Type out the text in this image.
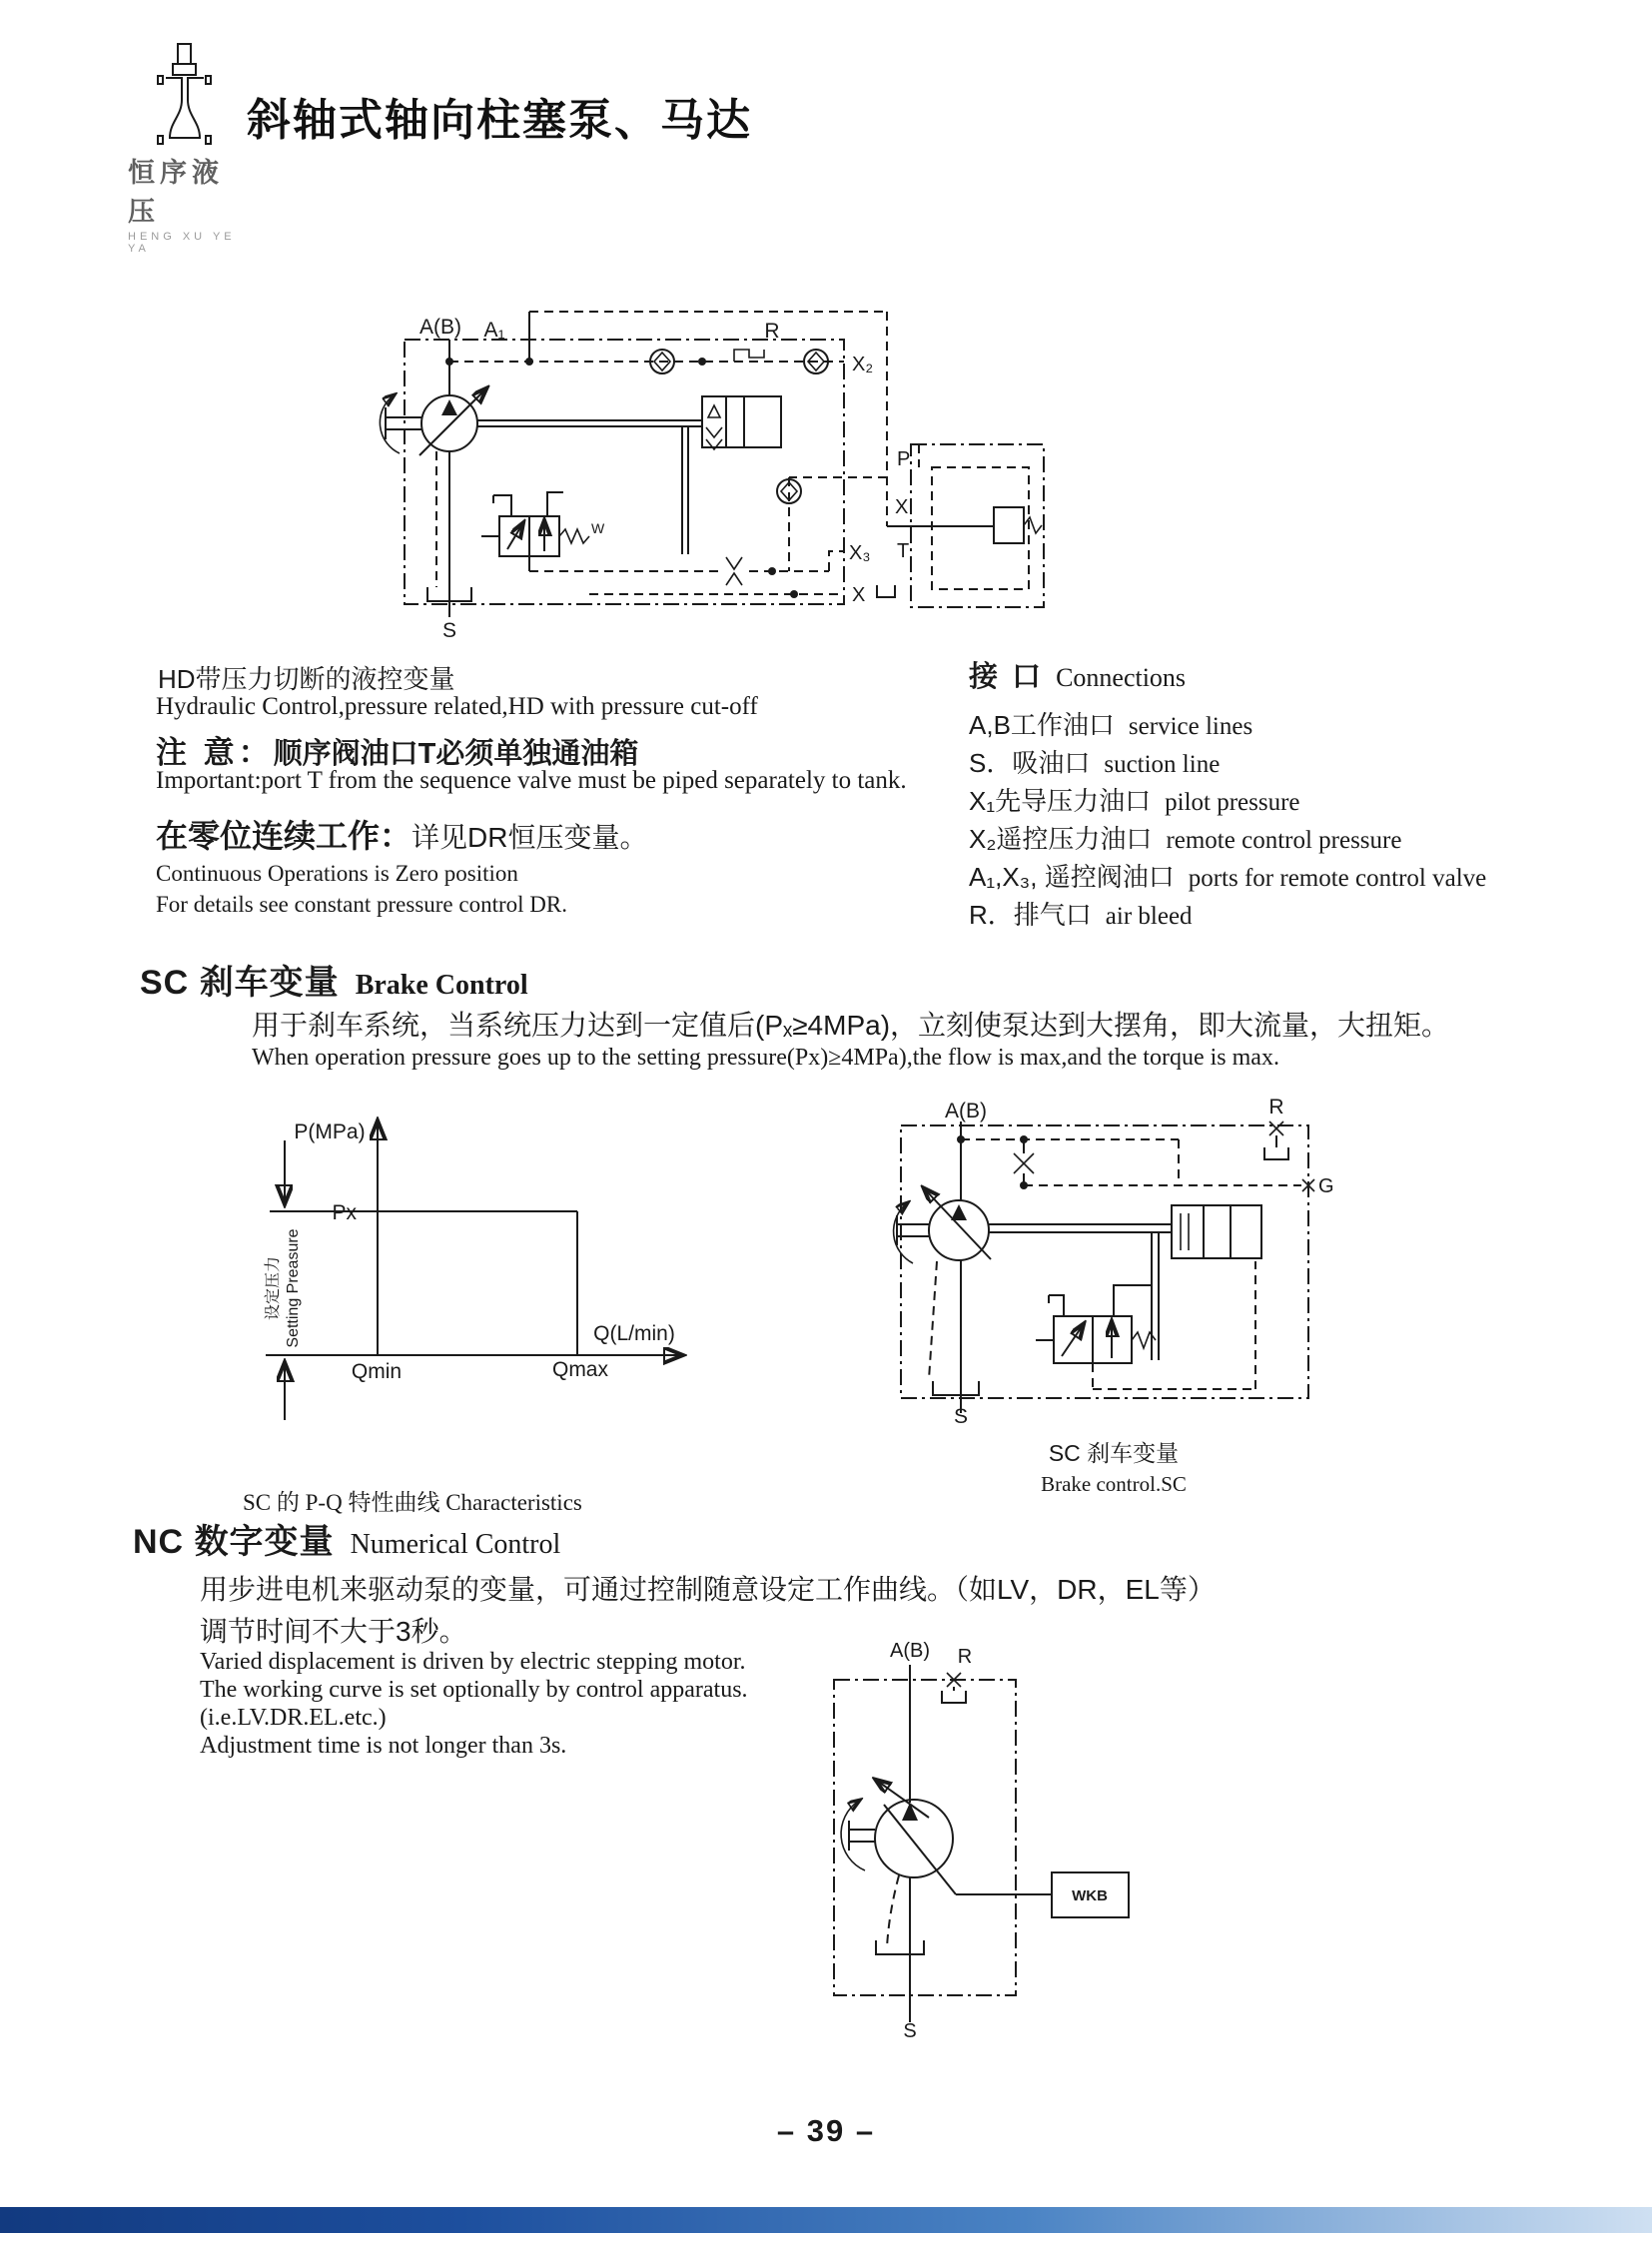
恒序液压
HENG XU YE YA
斜轴式轴向柱塞泵、马达
A(B) A₁	R
X₂
X₃
X
S
P
X
T
W
HD带压力切断的液控变量
Hydraulic Control,pressure related,HD with pressure cut-off
注 意： 顺序阀油口T必须单独通油箱
Important:port T from the sequence valve must be piped separately to tank.
在零位连续工作： 详见DR恒压变量。
Continuous Operations is Zero position
For details see constant pressure control DR.
接 口 Connections
A,B工作油口 service lines
S．吸油口 suction line
X₁先导压力油口 pilot pressure
X₂遥控压力油口 remote control pressure
A₁,X₃, 遥控阀油口 ports for remote control valve
R．排气口 air bleed
SC 刹车变量 Brake Control
用于刹车系统，当系统压力达到一定值后(Pₓ≥4MPa)，立刻使泵达到大摆角，即大流量，大扭矩。
When operation pressure goes up to the setting pressure(Px)≥4MPa),the flow is max,and the torque is max.
P(MPa)
Px
Qmin	Qmax
Q(L/min)
设定压力 Setting Preasure
A(B)	R
G
S
SC 的 P-Q 特性曲线 Characteristics
SC 刹车变量
Brake control.SC
NC 数字变量 Numerical Control
用步进电机来驱动泵的变量，可通过控制随意设定工作曲线。（如LV，DR，EL等）
调节时间不大于3秒。
Varied displacement is driven by electric stepping motor.
The working curve is set optionally by control apparatus.
(i.e.LV.DR.EL.etc.)
Adjustment time is not longer than 3s.
WKB
A(B) R
S
– 39 –
